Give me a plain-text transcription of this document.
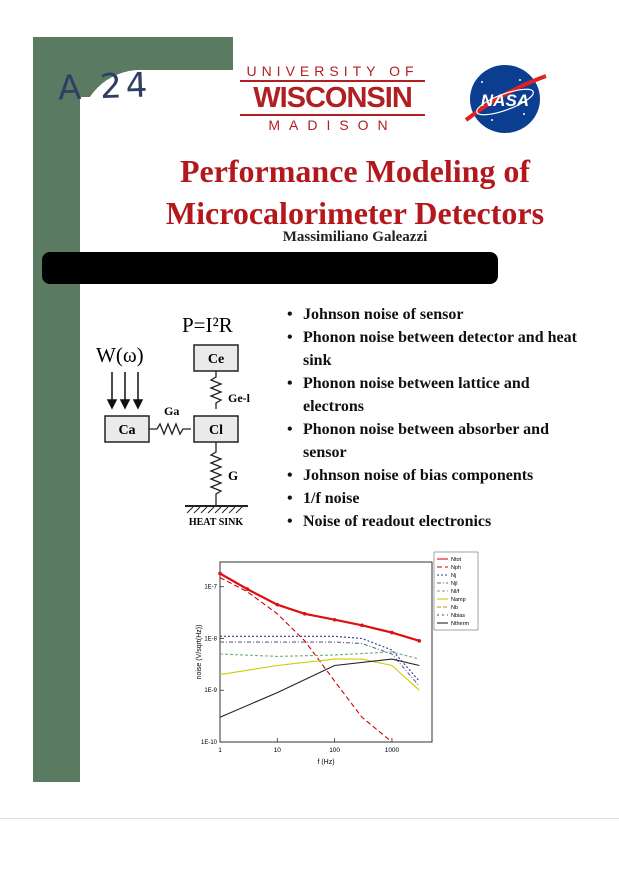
A 24	UNIVERSITY OF
WISCONSIN
MADISON
NASA
Performance Modeling of
Microcalorimeter Detectors
Massimiliano Galeazzi
P=I²R
W(ω)	Ce
Ge-l
Cl
Ca
Ga
G
HEAT SINK
• Johnson noise of sensor
• Phonon noise between detector and heat sink
• Phonon noise between lattice and electrons
• Phonon noise between absorber and sensor
• Johnson noise of bias components
• 1/f noise
• Noise of readout electronics
1	10	100	1000
1E-10
1E-9
1E-8
1E-7
f (Hz)
noise (V/sqrt(Hz))
Ntot
Nph
Nj
Njl
Nl/f
Namp
Nb
Nbias
Ntherm
